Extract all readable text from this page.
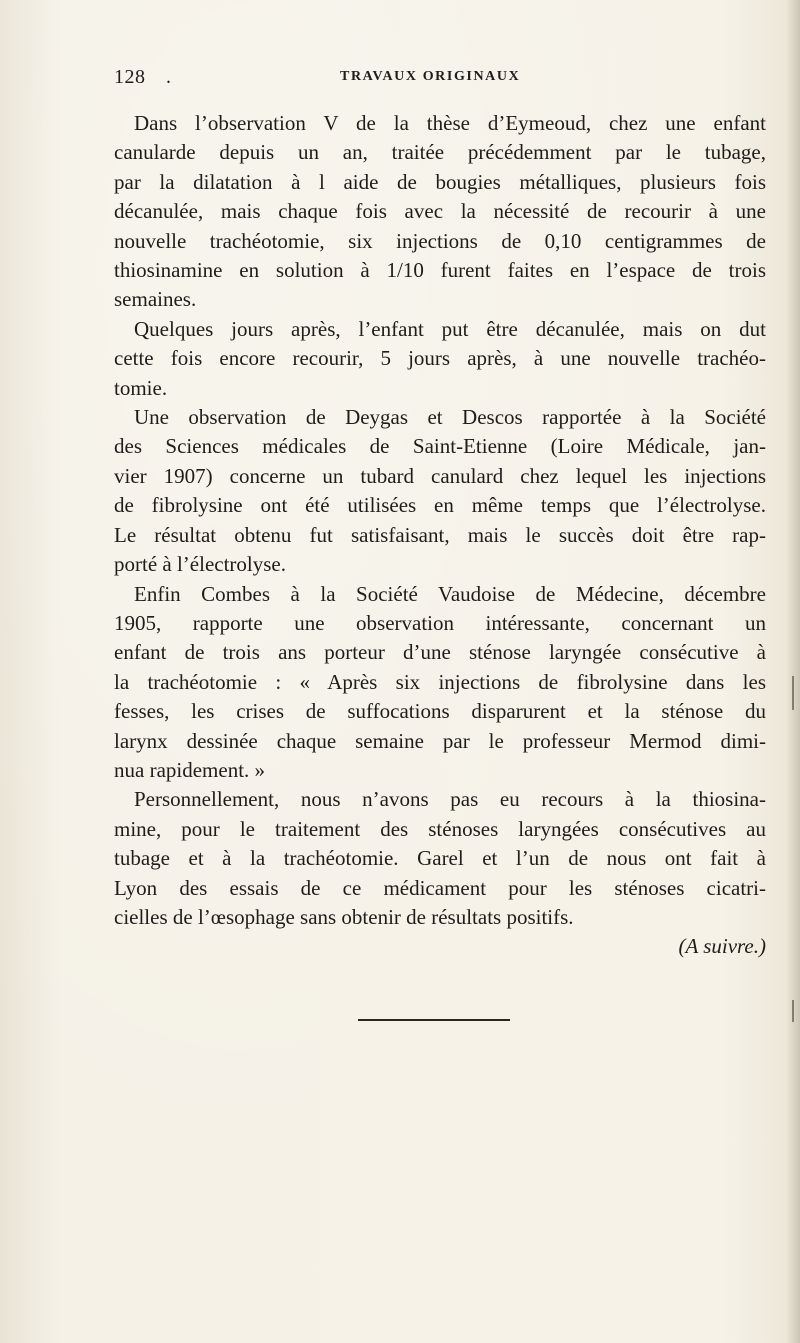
128 .	TRAVAUX ORIGINAUX
Dans l’observation V de la thèse d’Eymeoud, chez une enfant
canularde depuis un an, traitée précédemment par le tubage,
par la dilatation à l aide de bougies métalliques, plusieurs fois
décanulée, mais chaque fois avec la nécessité de recourir à une
nouvelle trachéotomie, six injections de 0,10 centigrammes de
thiosinamine en solution à 1/10 furent faites en l’espace de trois
semaines.
Quelques jours après, l’enfant put être décanulée, mais on dut
cette fois encore recourir, 5 jours après, à une nouvelle trachéo-
tomie.
Une observation de Deygas et Descos rapportée à la Société
des Sciences médicales de Saint-Etienne (Loire Médicale, jan-
vier 1907) concerne un tubard canulard chez lequel les injections
de fibrolysine ont été utilisées en même temps que l’électrolyse.
Le résultat obtenu fut satisfaisant, mais le succès doit être rap-
porté à l’électrolyse.
Enfin Combes à la Société Vaudoise de Médecine, décembre
1905, rapporte une observation intéressante, concernant un
enfant de trois ans porteur d’une sténose laryngée consécutive à
la trachéotomie : « Après six injections de fibrolysine dans les
fesses, les crises de suffocations disparurent et la sténose du
larynx dessinée chaque semaine par le professeur Mermod dimi-
nua rapidement. »
Personnellement, nous n’avons pas eu recours à la thiosina-
mine, pour le traitement des sténoses laryngées consécutives au
tubage et à la trachéotomie. Garel et l’un de nous ont fait à
Lyon des essais de ce médicament pour les sténoses cicatri-
cielles de l’œsophage sans obtenir de résultats positifs.

(A suivre.)
